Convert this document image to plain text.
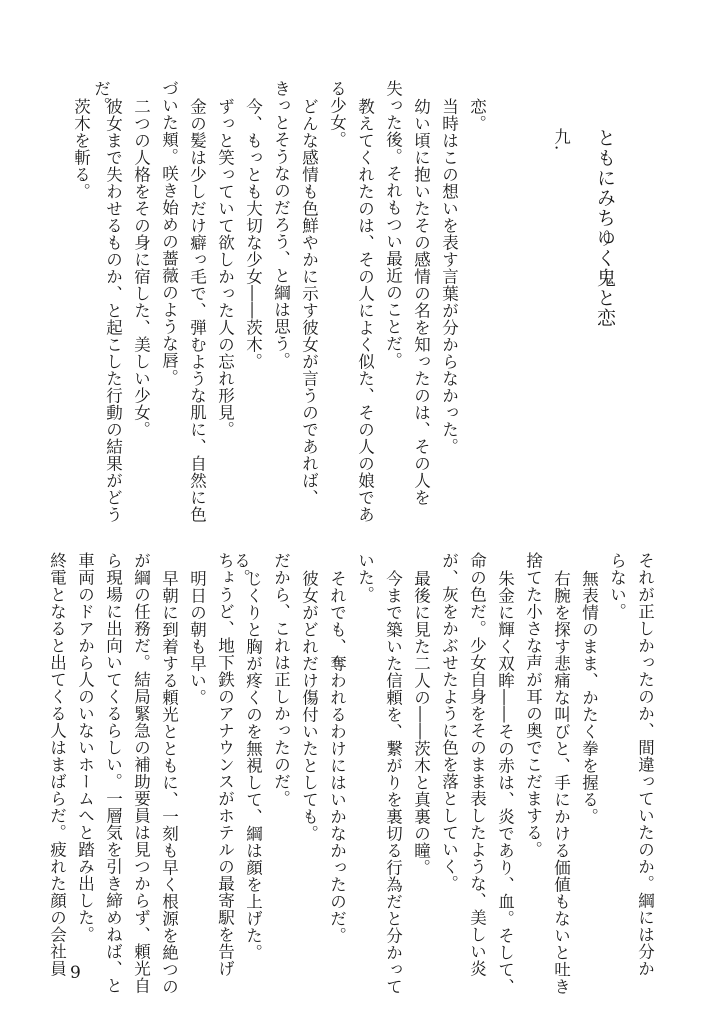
ともにみちゆく鬼と恋
九.
恋。
当時はこの想いを表す言葉が分からなかった。
幼い頃に抱いたその感情の名を知ったのは、その人を
失った後。それもつい最近のことだ。
教えてくれたのは、その人によく似た、その人の娘であ
る少女。
どんな感情も色鮮やかに示す彼女が言うのであれば、
きっとそうなのだろう、と綱は思う。
今、もっとも大切な少女――茨木。
ずっと笑っていて欲しかった人の忘れ形見。
金の髪は少しだけ癖っ毛で、弾むような肌に、自然に色
づいた頬。咲き始めの薔薇のような唇。
二つの人格をその身に宿した、美しい少女。
彼女まで失わせるものか、と起こした行動の結果がどう
だ。
茨木を斬る。
それが正しかったのか、間違っていたのか。綱には分か
らない。
無表情のまま、かたく拳を握る。
右腕を探す悲痛な叫びと、手にかける価値もないと吐き
捨てた小さな声が耳の奥でこだまする。
朱金に輝く双眸――その赤は、炎であり、血。そして、
命の色だ。少女自身をそのまま表したような、美しい炎
が、灰をかぶせたように色を落としていく。
最後に見た二人の――茨木と真裏の瞳。
今まで築いた信頼を、繋がりを裏切る行為だと分かって
いた。
それでも、奪われるわけにはいかなかったのだ。
彼女がどれだけ傷付いたとしても。
だから、これは正しかったのだ。
じくりと胸が疼くのを無視して、綱は顔を上げた。
ちょうど、地下鉄のアナウンスがホテルの最寄駅を告げ
る。
明日の朝も早い。
早朝に到着する頼光とともに、一刻も早く根源を絶つの
が綱の任務だ。結局緊急の補助要員は見つからず、頼光自
ら現場に出向いてくるらしい。一層気を引き締めねば、と
車両のドアから人のいないホームへと踏み出した。
終電となると出てくる人はまばらだ。疲れた顔の会社員 9
